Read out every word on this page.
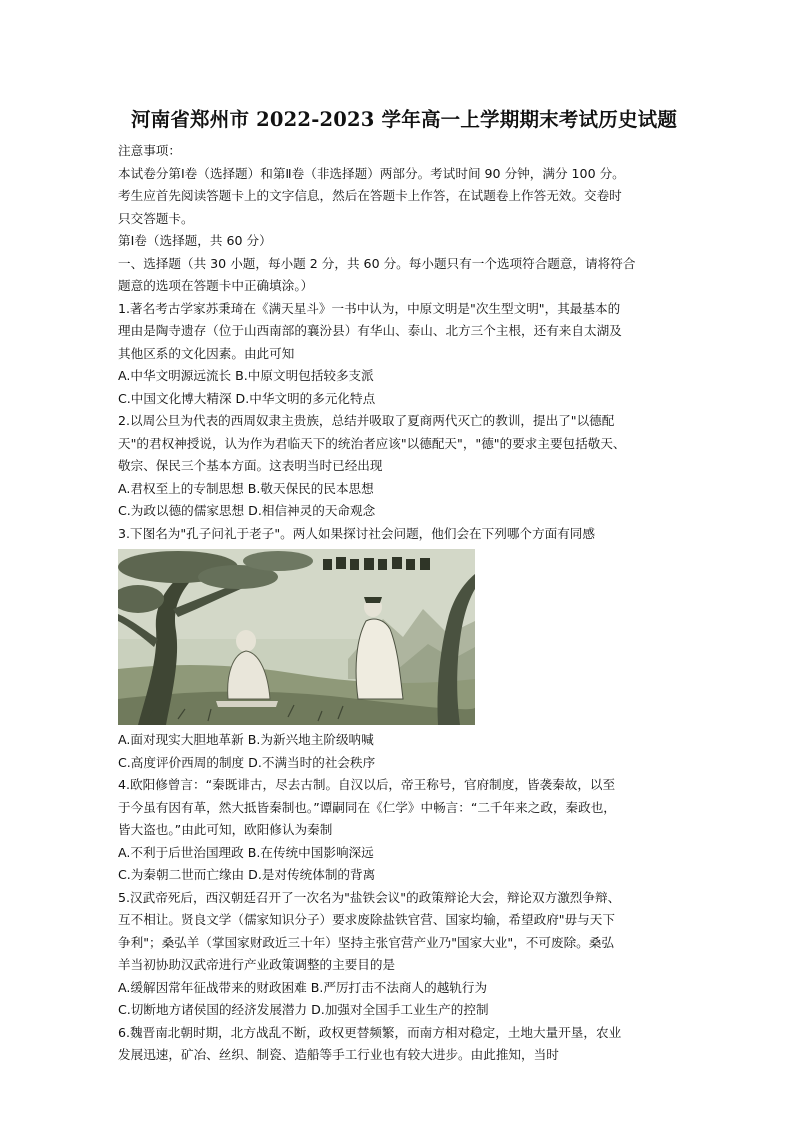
河南省郑州市 2022-2023 学年高一上学期期末考试历史试题

注意事项：

本试卷分第Ⅰ卷（选择题）和第Ⅱ卷（非选择题）两部分。考试时间 90 分钟，满分 100 分。

考生应首先阅读答题卡上的文字信息，然后在答题卡上作答，在试题卷上作答无效。交卷时

只交答题卡。

第Ⅰ卷（选择题，共 60 分）

一、选择题（共 30 小题，每小题 2 分，共 60 分。每小题只有一个选项符合题意，请将符合

题意的选项在答题卡中正确填涂。）

1.著名考古学家苏秉琦在《满天星斗》一书中认为，中原文明是"次生型文明"，其最基本的

理由是陶寺遗存（位于山西南部的襄汾县）有华山、泰山、北方三个主根，还有来自太湖及

其他区系的文化因素。由此可知

A.中华文明源远流长 B.中原文明包括较多支派

C.中国文化博大精深 D.中华文明的多元化特点

2.以周公旦为代表的西周奴隶主贵族，总结并吸取了夏商两代灭亡的教训，提出了"以德配

天"的君权神授说，认为作为君临天下的统治者应该"以德配天"，"德"的要求主要包括敬天、

敬宗、保民三个基本方面。这表明当时已经出现

A.君权至上的专制思想 B.敬天保民的民本思想

C.为政以德的儒家思想 D.相信神灵的天命观念

3.下图名为"孔子问礼于老子"。两人如果探讨社会问题，他们会在下列哪个方面有同感

A.面对现实大胆地革新 B.为新兴地主阶级呐喊

C.高度评价西周的制度 D.不满当时的社会秩序

4.欧阳修曾言：“秦既诽古，尽去古制。自汉以后，帝王称号，官府制度，皆袭秦故，以至

于今虽有因有革，然大抵皆秦制也。”谭嗣同在《仁学》中畅言：“二千年来之政，秦政也，

皆大盗也。”由此可知，欧阳修认为秦制

A.不利于后世治国理政 B.在传统中国影响深远

C.为秦朝二世而亡缘由 D.是对传统体制的背离

5.汉武帝死后，西汉朝廷召开了一次名为"盐铁会议"的政策辩论大会，辩论双方激烈争辩、

互不相让。贤良文学（儒家知识分子）要求废除盐铁官营、国家均输，希望政府"毋与天下

争利"；桑弘羊（掌国家财政近三十年）坚持主张官营产业乃"国家大业"，不可废除。桑弘

羊当初协助汉武帝进行产业政策调整的主要目的是

A.缓解因常年征战带来的财政困难 B.严厉打击不法商人的越轨行为

C.切断地方诸侯国的经济发展潜力 D.加强对全国手工业生产的控制

6.魏晋南北朝时期，北方战乱不断，政权更替频繁，而南方相对稳定，土地大量开垦，农业

发展迅速，矿冶、丝织、制瓷、造船等手工行业也有较大进步。由此推知，当时
